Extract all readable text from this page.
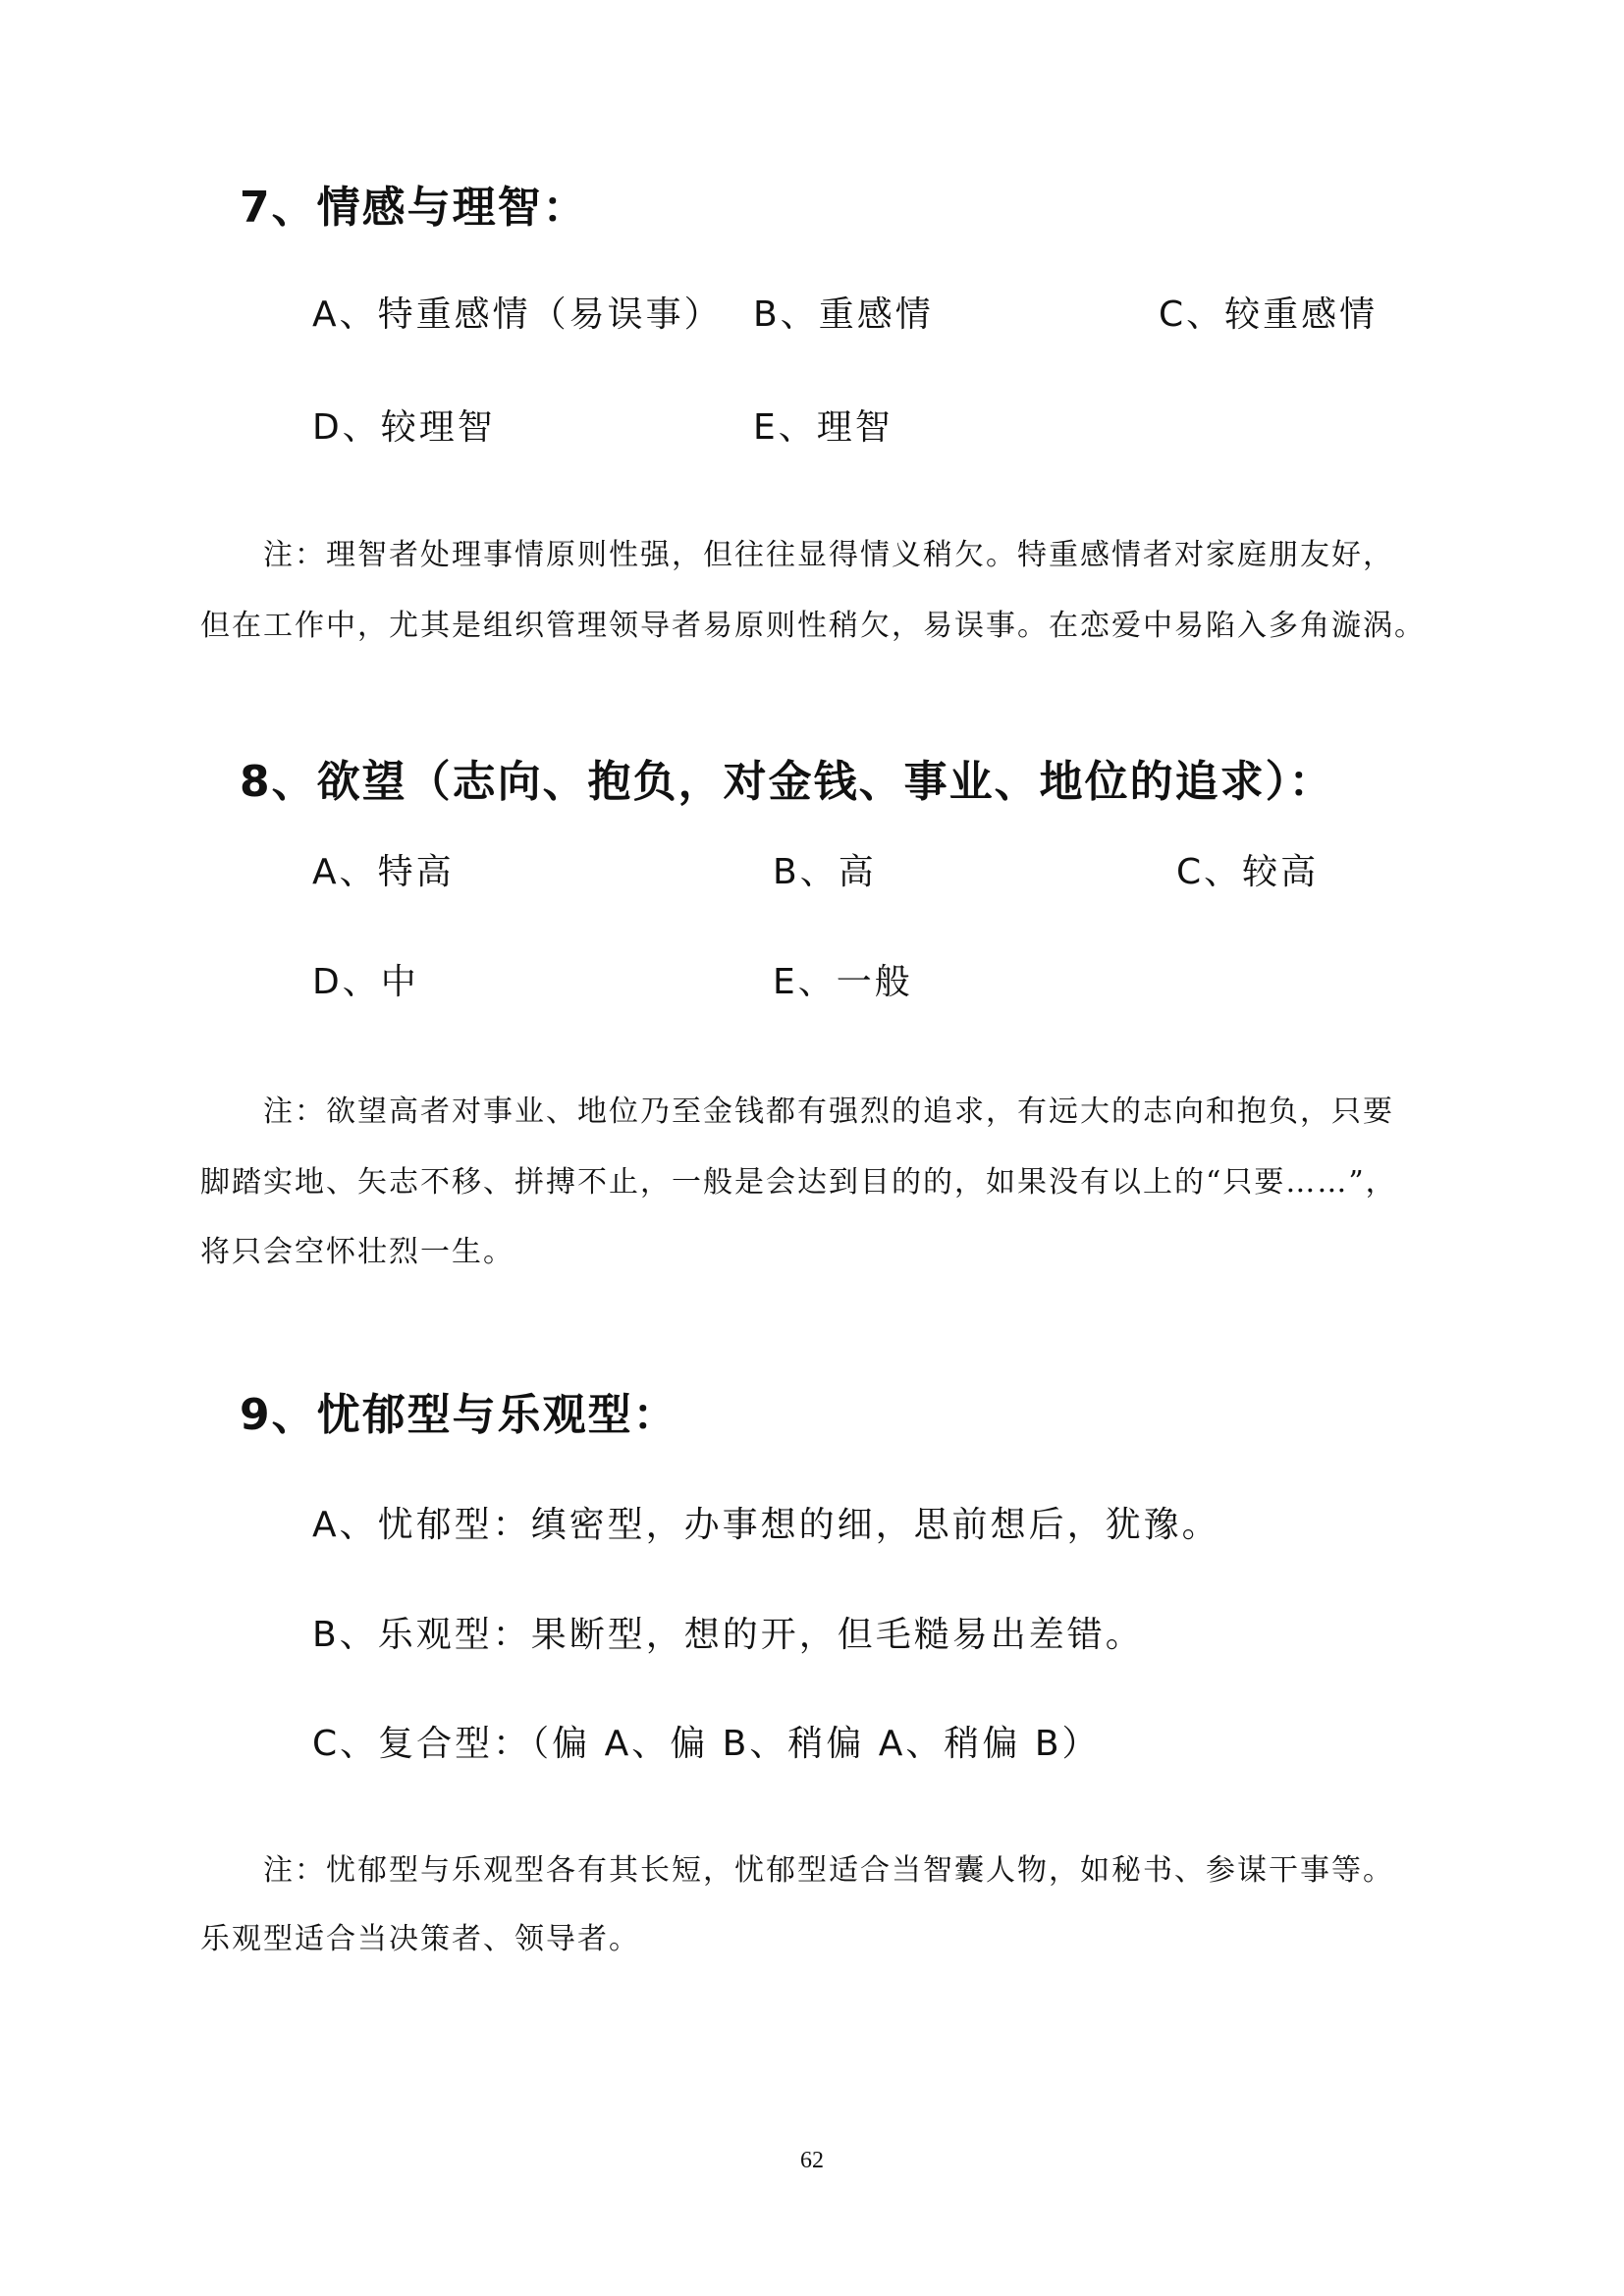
7、情感与理智：
A、特重感情（易误事） B、重感情	C、较重感情
D、较理智	E、理智
注： 理智者处理事情原则性强，但往往显得情义稍欠。特重感情者对家庭朋友好，
但在工作中，尤其是组织管理领导者易原则性稍欠，易误事。在恋爱中易陷入多角漩涡。
8、欲望（志向、抱负，对金钱、事业、地位的追求）：
A、特高	B、高	C、较高
D、中	E、一般
注： 欲望高者对事业、地位乃至金钱都有强烈的追求，有远大的志向和抱负，只要
脚踏实地、矢志不移、拼搏不止，一般是会达到目的的，如果没有以上的“只要……”，
将只会空怀壮烈一生。
9、忧郁型与乐观型：
A、忧郁型：缜密型，办事想的细，思前想后，犹豫。
B、乐观型：果断型，想的开，但毛糙易出差错。
C、复合型：（偏 A、偏 B、稍偏 A、稍偏 B）
注： 忧郁型与乐观型各有其长短，忧郁型适合当智囊人物，如秘书、参谋干事等。
乐观型适合当决策者、领导者。
62
